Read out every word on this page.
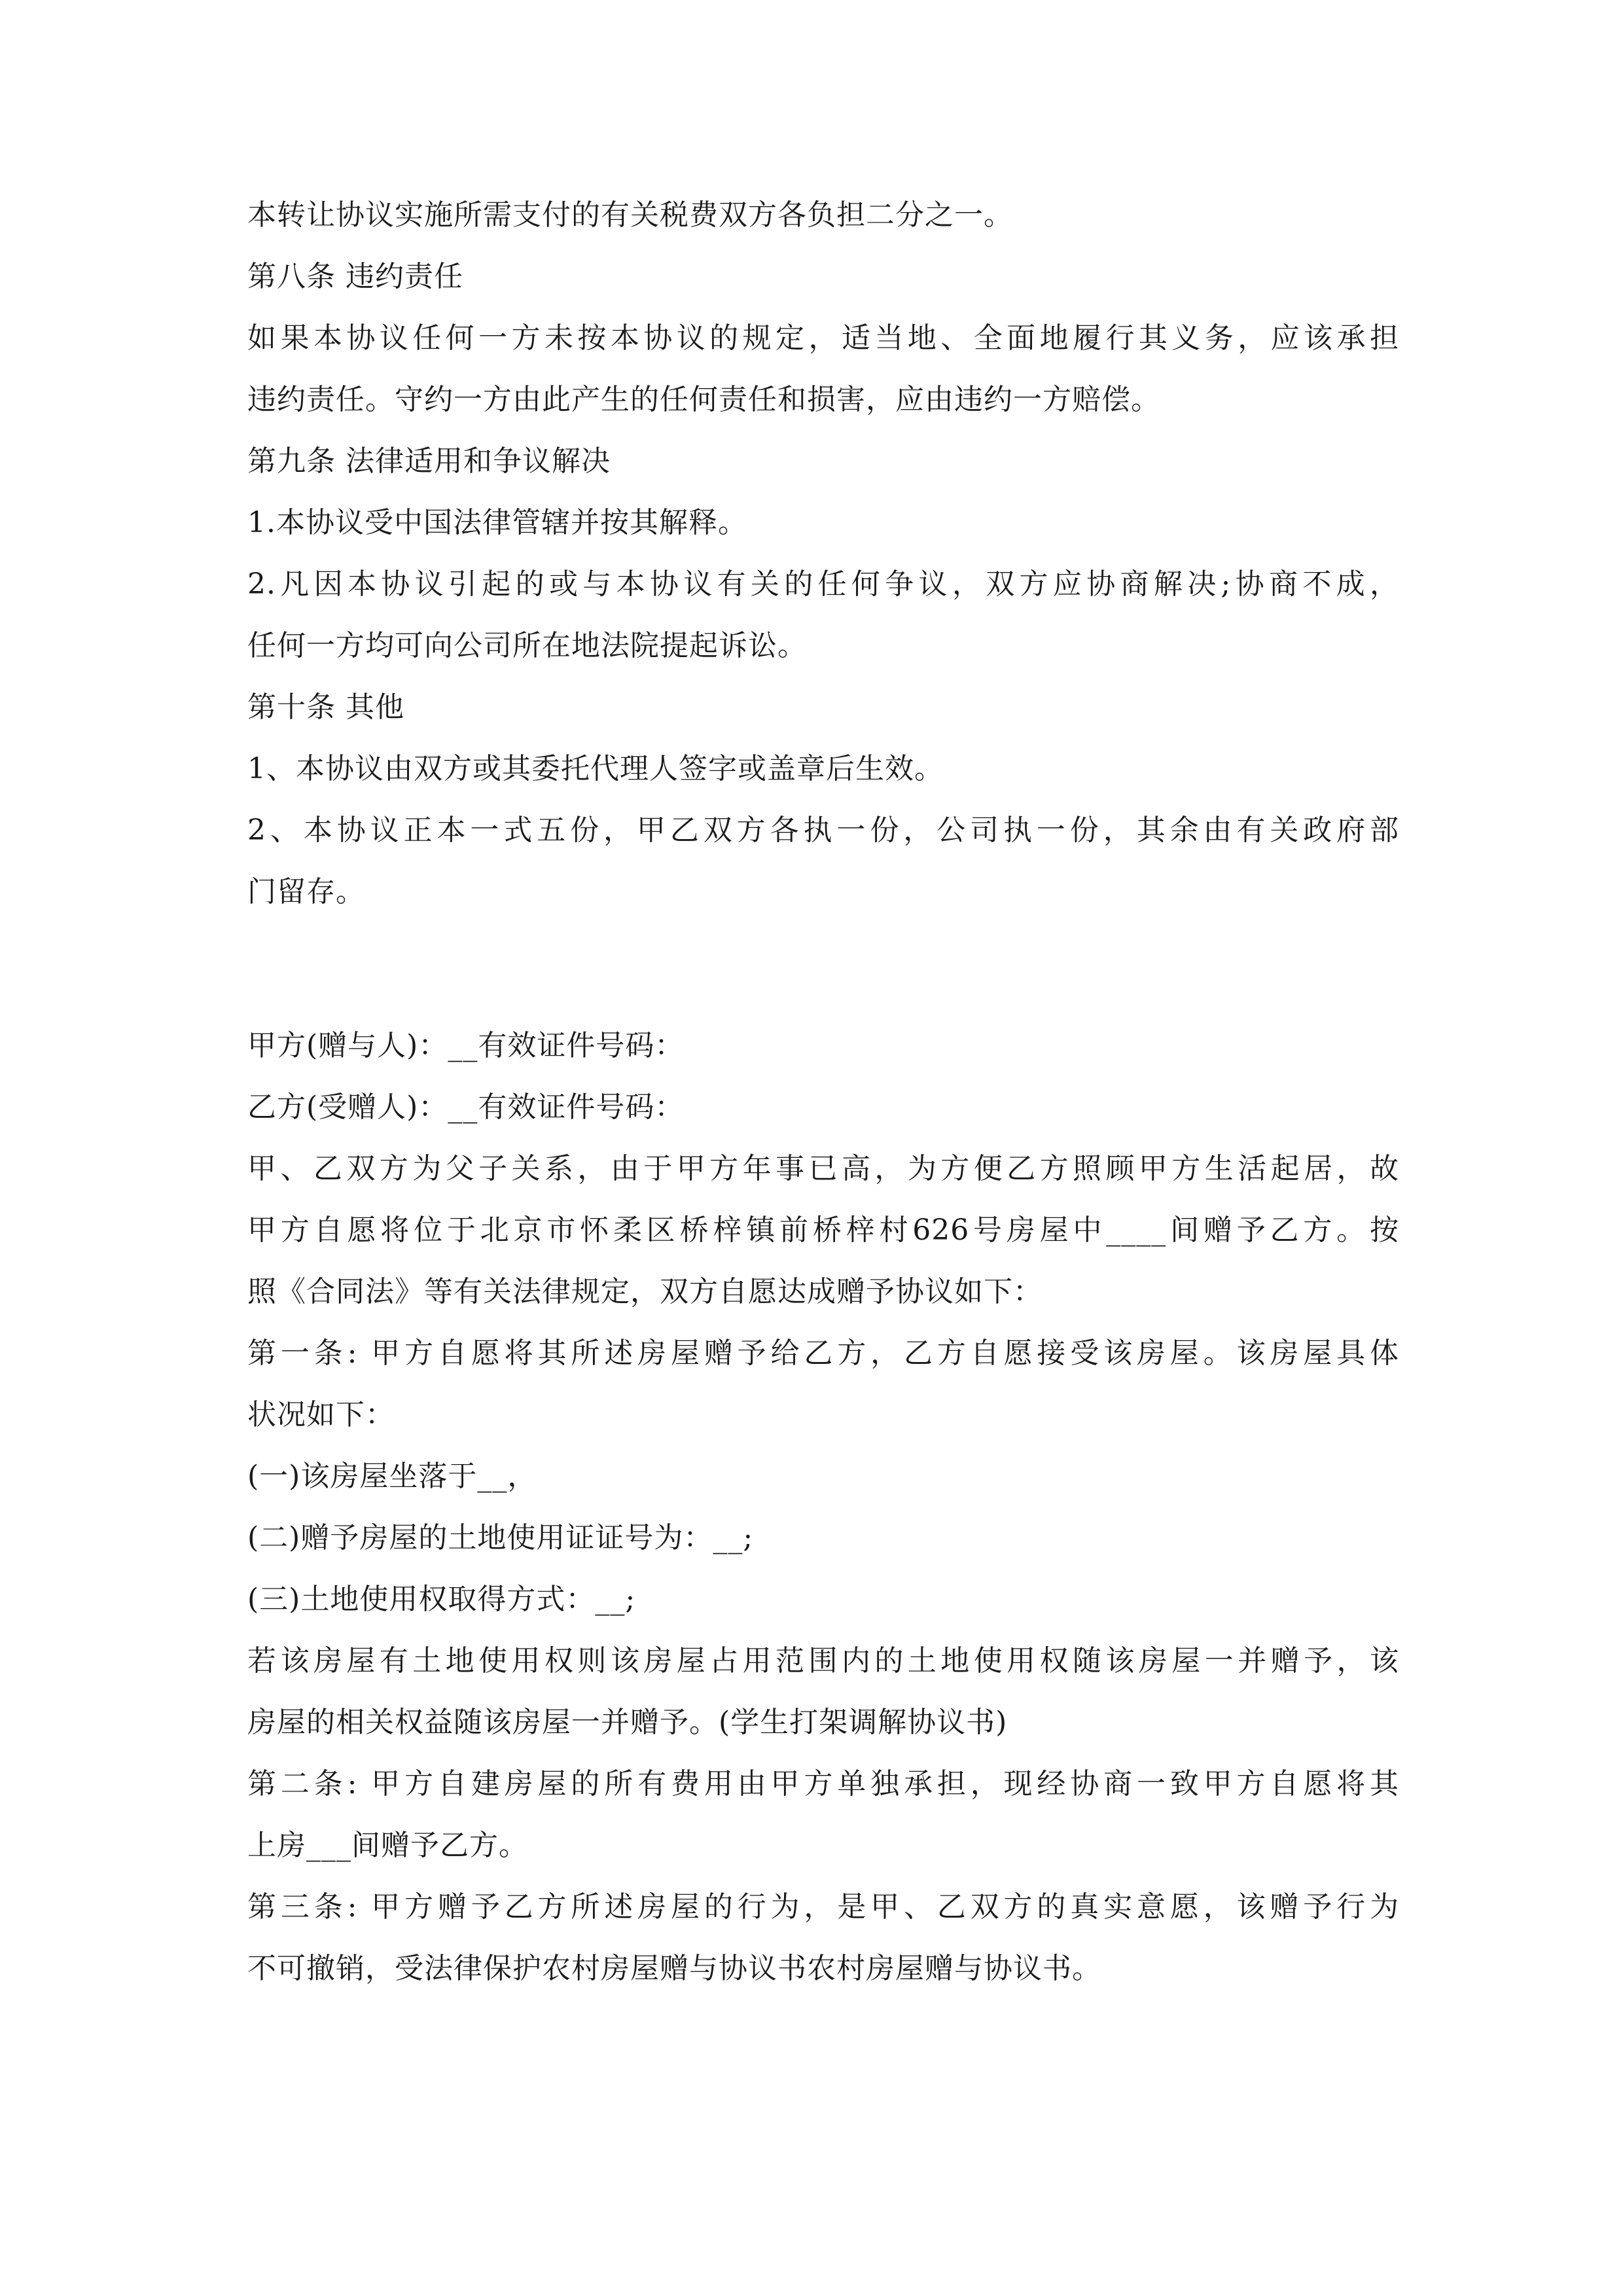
本转让协议实施所需支付的有关税费双方各负担二分之一。
第八条 违约责任
如果本协议任何一方未按本协议的规定，适当地、全面地履行其义务，应该承担
违约责任。守约一方由此产生的任何责任和损害，应由违约一方赔偿。
第九条 法律适用和争议解决
1.本协议受中国法律管辖并按其解释。
2.凡因本协议引起的或与本协议有关的任何争议，双方应协商解决;协商不成，
任何一方均可向公司所在地法院提起诉讼。
第十条 其他
1、本协议由双方或其委托代理人签字或盖章后生效。
2、本协议正本一式五份，甲乙双方各执一份，公司执一份，其余由有关政府部
门留存。
甲方(赠与人)：__有效证件号码：
乙方(受赠人)：__有效证件号码：
甲、乙双方为父子关系，由于甲方年事已高，为方便乙方照顾甲方生活起居，故
甲方自愿将位于北京市怀柔区桥梓镇前桥梓村626号房屋中____间赠予乙方。按
照《合同法》等有关法律规定，双方自愿达成赠予协议如下：
第一条: 甲方自愿将其所述房屋赠予给乙方，乙方自愿接受该房屋。该房屋具体
状况如下：
(一)该房屋坐落于__，
(二)赠予房屋的土地使用证证号为：__;
(三)土地使用权取得方式：__;
若该房屋有土地使用权则该房屋占用范围内的土地使用权随该房屋一并赠予，该
房屋的相关权益随该房屋一并赠予。(学生打架调解协议书)
第二条: 甲方自建房屋的所有费用由甲方单独承担，现经协商一致甲方自愿将其
上房___间赠予乙方。
第三条: 甲方赠予乙方所述房屋的行为，是甲、乙双方的真实意愿，该赠予行为
不可撤销，受法律保护农村房屋赠与协议书农村房屋赠与协议书。
